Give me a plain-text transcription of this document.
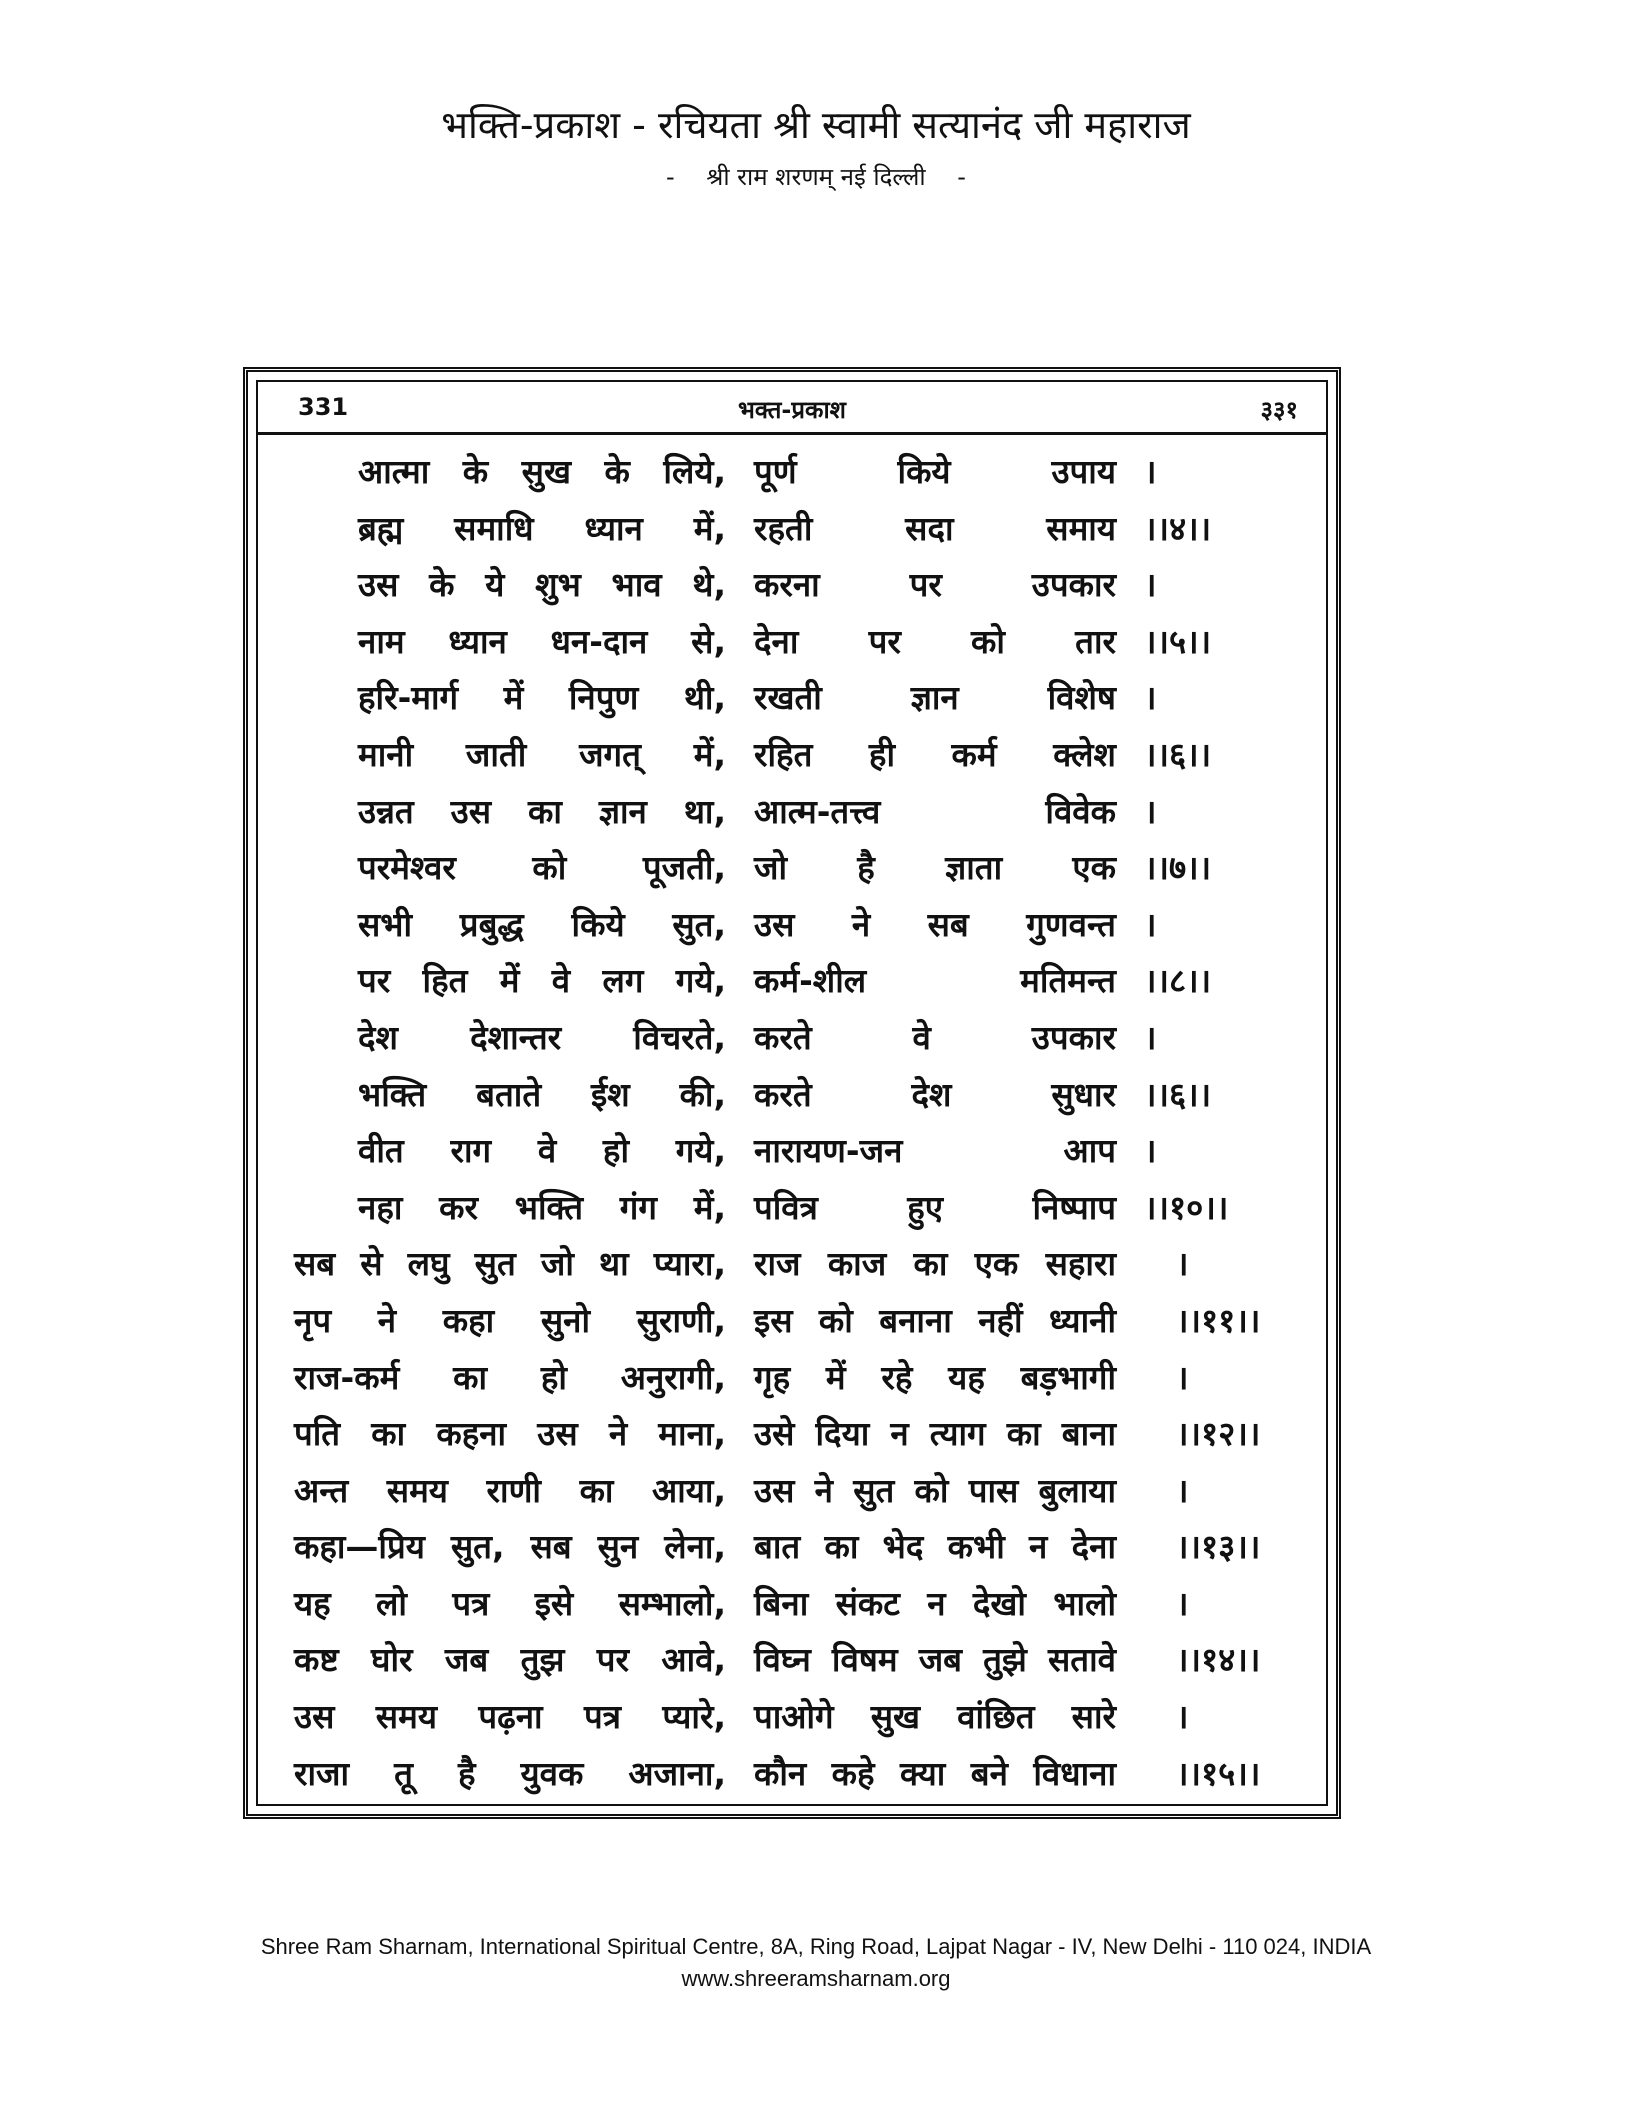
भक्ति-प्रकाश - रचियता श्री स्वामी सत्यानंद जी महाराज
- श्री राम शरणम् नई दिल्ली -
331	भक्त-प्रकाश	३३१
आत्मा के सुख के लिये, पूर्ण किये उपाय ।
ब्रह्म समाधि ध्यान में, रहती सदा समाय ।।४।।
उस के ये शुभ भाव थे, करना पर उपकार ।
नाम ध्यान धन-दान से, देना पर को तार ।।५।।
हरि-मार्ग में निपुण थी, रखती ज्ञान विशेष ।
मानी जाती जगत् में, रहित ही कर्म क्लेश ।।६।।
उन्नत उस का ज्ञान था, आत्म-तत्त्व विवेक ।
परमेश्वर को पूजती, जो है ज्ञाता एक ।।७।।
सभी प्रबुद्ध किये सुत, उस ने सब गुणवन्त ।
पर हित में वे लग गये, कर्म-शील मतिमन्त ।।८।।
देश देशान्तर विचरते, करते वे उपकार ।
भक्ति बताते ईश की, करते देश सुधार ।।६।।
वीत राग वे हो गये, नारायण-जन आप ।
नहा कर भक्ति गंग में, पवित्र हुए निष्पाप ।।१०।।
सब से लघु सुत जो था प्यारा, राज काज का एक सहारा ।
नृप ने कहा सुनो सुराणी, इस को बनाना नहीं ध्यानी ।।११।।
राज-कर्म का हो अनुरागी, गृह में रहे यह बड़भागी ।
पति का कहना उस ने माना, उसे दिया न त्याग का बाना ।।१२।।
अन्त समय राणी का आया, उस ने सुत को पास बुलाया ।
कहा—प्रिय सुत, सब सुन लेना, बात का भेद कभी न देना ।।१३।।
यह लो पत्र इसे सम्भालो, बिना संकट न देखो भालो ।
कष्ट घोर जब तुझ पर आवे, विघ्न विषम जब तुझे सतावे ।।१४।।
उस समय पढ़ना पत्र प्यारे, पाओगे सुख वांछित सारे ।
राजा तू है युवक अजाना, कौन कहे क्या बने विधाना ।।१५।।
Shree Ram Sharnam, International Spiritual Centre, 8A, Ring Road, Lajpat Nagar - IV, New Delhi - 110 024, INDIA
www.shreeramsharnam.org
